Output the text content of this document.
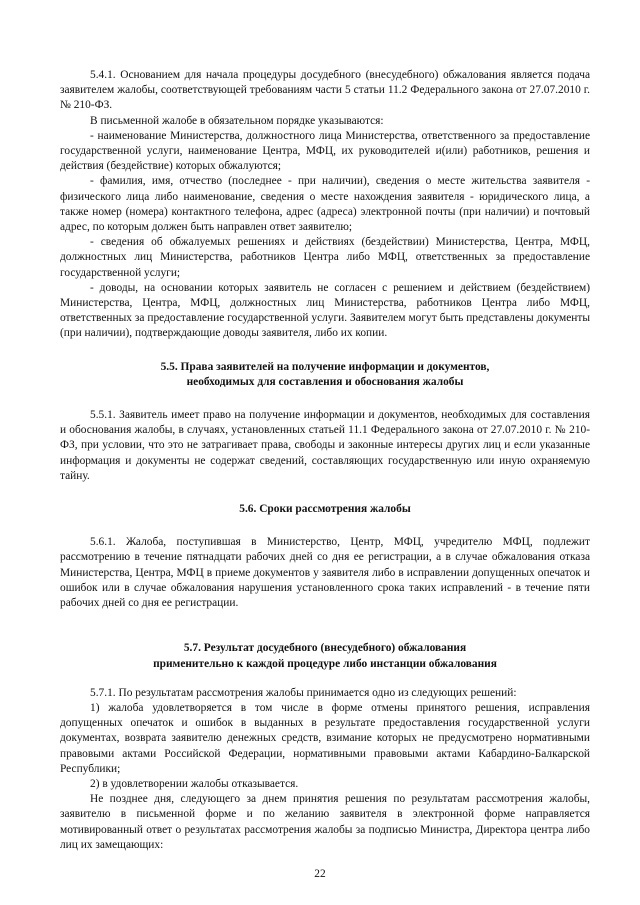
5.4.1. Основанием для начала процедуры досудебного (внесудебного) обжалования является подача заявителем жалобы, соответствующей требованиям части 5 статьи 11.2 Федерального закона от 27.07.2010 г. № 210-ФЗ.

В письменной жалобе в обязательном порядке указываются:

- наименование Министерства, должностного лица Министерства, ответственного за предоставление государственной услуги, наименование Центра, МФЦ, их руководителей и(или) работников, решения и действия (бездействие) которых обжалуются;

- фамилия, имя, отчество (последнее - при наличии), сведения о месте жительства заявителя - физического лица либо наименование, сведения о месте нахождения заявителя - юридического лица, а также номер (номера) контактного телефона, адрес (адреса) электронной почты (при наличии) и почтовый адрес, по которым должен быть направлен ответ заявителю;

- сведения об обжалуемых решениях и действиях (бездействии) Министерства, Центра, МФЦ, должностных лиц Министерства, работников Центра либо МФЦ, ответственных за предоставление государственной услуги;

- доводы, на основании которых заявитель не согласен с решением и действием (бездействием) Министерства, Центра, МФЦ, должностных лиц Министерства, работников Центра либо МФЦ, ответственных за предоставление государственной услуги. Заявителем могут быть представлены документы (при наличии), подтверждающие доводы заявителя, либо их копии.

5.5. Права заявителей на получение информации и документов,

необходимых для составления и обоснования жалобы

5.5.1. Заявитель имеет право на получение информации и документов, необходимых для составления и обоснования жалобы, в случаях, установленных статьей 11.1 Федерального закона от 27.07.2010 г. № 210-ФЗ, при условии, что это не затрагивает права, свободы и законные интересы других лиц и если указанные информация и документы не содержат сведений, составляющих государственную или иную охраняемую тайну.

5.6. Сроки рассмотрения жалобы

5.6.1. Жалоба, поступившая в Министерство, Центр, МФЦ, учредителю МФЦ, подлежит рассмотрению в течение пятнадцати рабочих дней со дня ее регистрации, а в случае обжалования отказа Министерства, Центра, МФЦ в приеме документов у заявителя либо в исправлении допущенных опечаток и ошибок или в случае обжалования нарушения установленного срока таких исправлений - в течение пяти рабочих дней со дня ее регистрации.

5.7. Результат досудебного (внесудебного) обжалования

применительно к каждой процедуре либо инстанции обжалования

5.7.1. По результатам рассмотрения жалобы принимается одно из следующих решений:

1) жалоба удовлетворяется в том числе в форме отмены принятого решения, исправления допущенных опечаток и ошибок в выданных в результате предоставления государственной услуги документах, возврата заявителю денежных средств, взимание которых не предусмотрено нормативными правовыми актами Российской Федерации, нормативными правовыми актами Кабардино-Балкарской Республики;

2) в удовлетворении жалобы отказывается.

Не позднее дня, следующего за днем принятия решения по результатам рассмотрения жалобы, заявителю в письменной форме и по желанию заявителя в электронной форме направляется мотивированный ответ о результатах рассмотрения жалобы за подписью Министра, Директора центра либо лиц их замещающих:

22
